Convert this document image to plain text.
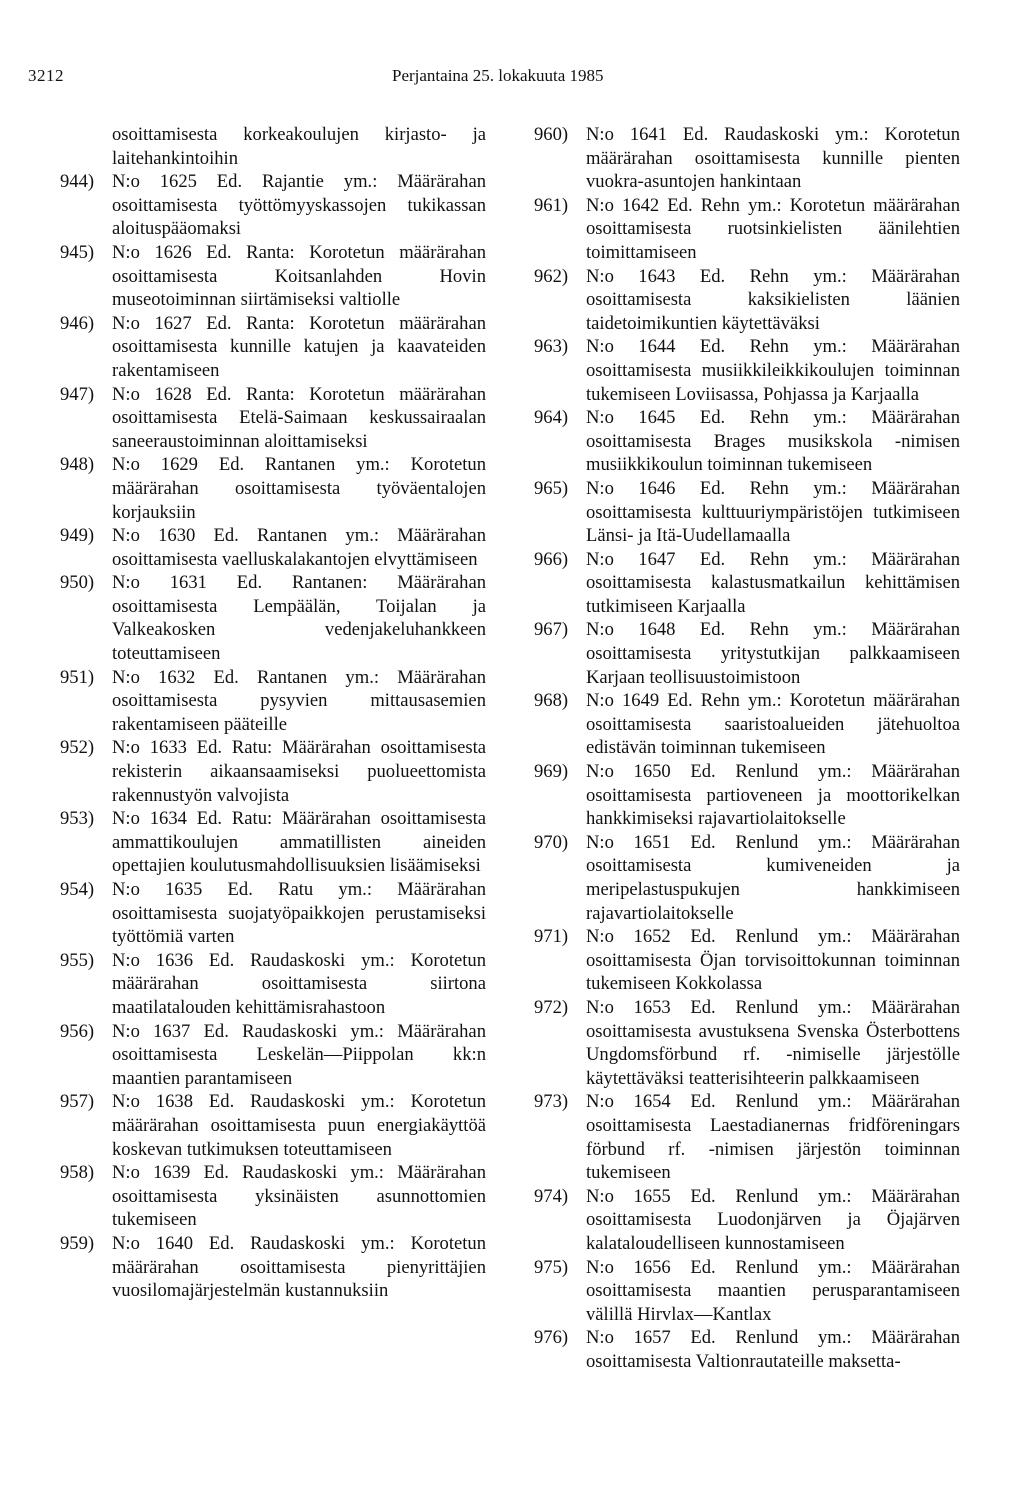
3212	Perjantaina 25. lokakuuta 1985

osoittamisesta korkeakoulujen kirjasto- ja laitehankintoihin

944) N:o 1625 Ed. Rajantie ym.: Määrärahan osoittamisesta työttömyyskassojen tukikassan aloituspääomaksi

945) N:o 1626 Ed. Ranta: Korotetun määrärahan osoittamisesta Koitsanlahden Hovin museotoiminnan siirtämiseksi valtiolle

946) N:o 1627 Ed. Ranta: Korotetun määrärahan osoittamisesta kunnille katujen ja kaavateiden rakentamiseen

947) N:o 1628 Ed. Ranta: Korotetun määrärahan osoittamisesta Etelä-Saimaan keskussairaalan saneeraustoiminnan aloittamiseksi

948) N:o 1629 Ed. Rantanen ym.: Korotetun määrärahan osoittamisesta työväentalojen korjauksiin

949) N:o 1630 Ed. Rantanen ym.: Määrärahan osoittamisesta vaelluskalakantojen elvyttämiseen

950) N:o 1631 Ed. Rantanen: Määrärahan osoittamisesta Lempäälän, Toijalan ja Valkeakosken vedenjakeluhankkeen toteuttamiseen

951) N:o 1632 Ed. Rantanen ym.: Määrärahan osoittamisesta pysyvien mittausasemien rakentamiseen pääteille

952) N:o 1633 Ed. Ratu: Määrärahan osoittamisesta rekisterin aikaansaamiseksi puolueettomista rakennustyön valvojista

953) N:o 1634 Ed. Ratu: Määrärahan osoittamisesta ammattikoulujen ammatillisten aineiden opettajien koulutusmahdollisuuksien lisäämiseksi

954) N:o 1635 Ed. Ratu ym.: Määrärahan osoittamisesta suojatyöpaikkojen perustamiseksi työttömiä varten

955) N:o 1636 Ed. Raudaskoski ym.: Korotetun määrärahan osoittamisesta siirtona maatilatalouden kehittämisrahastoon

956) N:o 1637 Ed. Raudaskoski ym.: Määrärahan osoittamisesta Leskelän—Piippolan kk:n maantien parantamiseen

957) N:o 1638 Ed. Raudaskoski ym.: Korotetun määrärahan osoittamisesta puun energiakäyttöä koskevan tutkimuksen toteuttamiseen

958) N:o 1639 Ed. Raudaskoski ym.: Määrärahan osoittamisesta yksinäisten asunnottomien tukemiseen

959) N:o 1640 Ed. Raudaskoski ym.: Korotetun määrärahan osoittamisesta pienyrittäjien vuosilomajärjestelmän kustannuksiin

960) N:o 1641 Ed. Raudaskoski ym.: Korotetun määrärahan osoittamisesta kunnille pienten vuokra-asuntojen hankintaan

961) N:o 1642 Ed. Rehn ym.: Korotetun määrärahan osoittamisesta ruotsinkielisten äänilehtien toimittamiseen

962) N:o 1643 Ed. Rehn ym.: Määrärahan osoittamisesta kaksikielisten läänien taidetoimikuntien käytettäväksi

963) N:o 1644 Ed. Rehn ym.: Määrärahan osoittamisesta musiikkileikkikoulujen toiminnan tukemiseen Loviisassa, Pohjassa ja Karjaalla

964) N:o 1645 Ed. Rehn ym.: Määrärahan osoittamisesta Brages musikskola -nimisen musiikkikoulun toiminnan tukemiseen

965) N:o 1646 Ed. Rehn ym.: Määrärahan osoittamisesta kulttuuriympäristöjen tutkimiseen Länsi- ja Itä-Uudellamaalla

966) N:o 1647 Ed. Rehn ym.: Määrärahan osoittamisesta kalastusmatkailun kehittämisen tutkimiseen Karjaalla

967) N:o 1648 Ed. Rehn ym.: Määrärahan osoittamisesta yritystutkijan palkkaamiseen Karjaan teollisuustoimistoon

968) N:o 1649 Ed. Rehn ym.: Korotetun määrärahan osoittamisesta saaristoalueiden jätehuoltoa edistävän toiminnan tukemiseen

969) N:o 1650 Ed. Renlund ym.: Määrärahan osoittamisesta partioveneen ja moottorikelkan hankkimiseksi rajavartiolaitokselle

970) N:o 1651 Ed. Renlund ym.: Määrärahan osoittamisesta kumiveneiden ja meripelastuspukujen hankkimiseen rajavartiolaitokselle

971) N:o 1652 Ed. Renlund ym.: Määrärahan osoittamisesta Öjan torvisoittokunnan toiminnan tukemiseen Kokkolassa

972) N:o 1653 Ed. Renlund ym.: Määrärahan osoittamisesta avustuksena Svenska Österbottens Ungdomsförbund rf. -nimiselle järjestölle käytettäväksi teatterisihteerin palkkaamiseen

973) N:o 1654 Ed. Renlund ym.: Määrärahan osoittamisesta Laestadianernas fridföreningars förbund rf. -nimisen järjestön toiminnan tukemiseen

974) N:o 1655 Ed. Renlund ym.: Määrärahan osoittamisesta Luodonjärven ja Öjajärven kalataloudelliseen kunnostamiseen

975) N:o 1656 Ed. Renlund ym.: Määrärahan osoittamisesta maantien perusparantamiseen välillä Hirvlax—Kantlax

976) N:o 1657 Ed. Renlund ym.: Määrärahan osoittamisesta Valtionrautateille maksetta-
